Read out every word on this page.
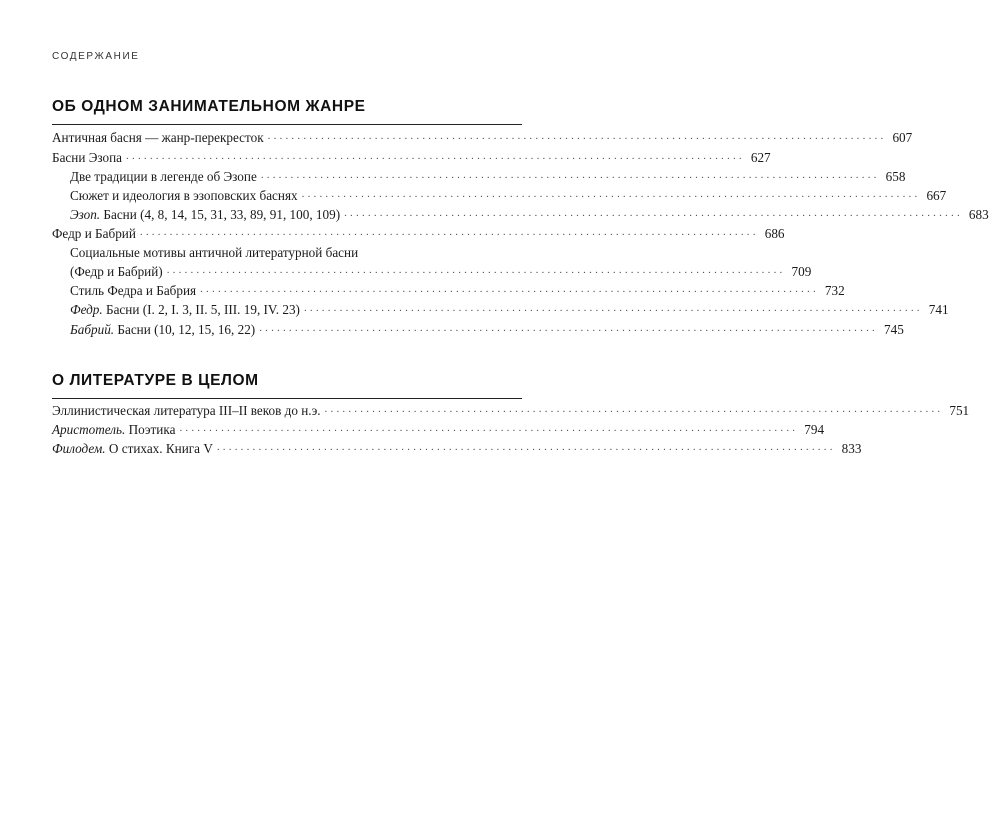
СОДЕРЖАНИЕ
ОБ ОДНОМ ЗАНИМАТЕЛЬНОМ ЖАНРЕ
Античная басня — жанр-перекресток ........................................................................................................ 607
Басни Эзопа ........................................................................................................ 627
Две традиции в легенде об Эзопе ........................................................................................................ 658
Сюжет и идеология в эзоповских баснях ........................................................................................................ 667
Эзоп. Басни (4, 8, 14, 15, 31, 33, 89, 91, 100, 109) ........................................................................................................ 683
Федр и Бабрий ........................................................................................................ 686
Социальные мотивы античной литературной басни
(Федр и Бабрий) ........................................................................................................ 709
Стиль Федра и Бабрия ........................................................................................................ 732
Федр. Басни (I. 2, I. 3, II. 5, III. 19, IV. 23) ........................................................................................................ 741
Бабрий. Басни (10, 12, 15, 16, 22) ........................................................................................................ 745
О ЛИТЕРАТУРЕ В ЦЕЛОМ
Эллинистическая литература III–II веков до н.э. ........................................................................................................ 751
Аристотель. Поэтика ........................................................................................................ 794
Филодем. О стихах. Книга V ........................................................................................................ 833
